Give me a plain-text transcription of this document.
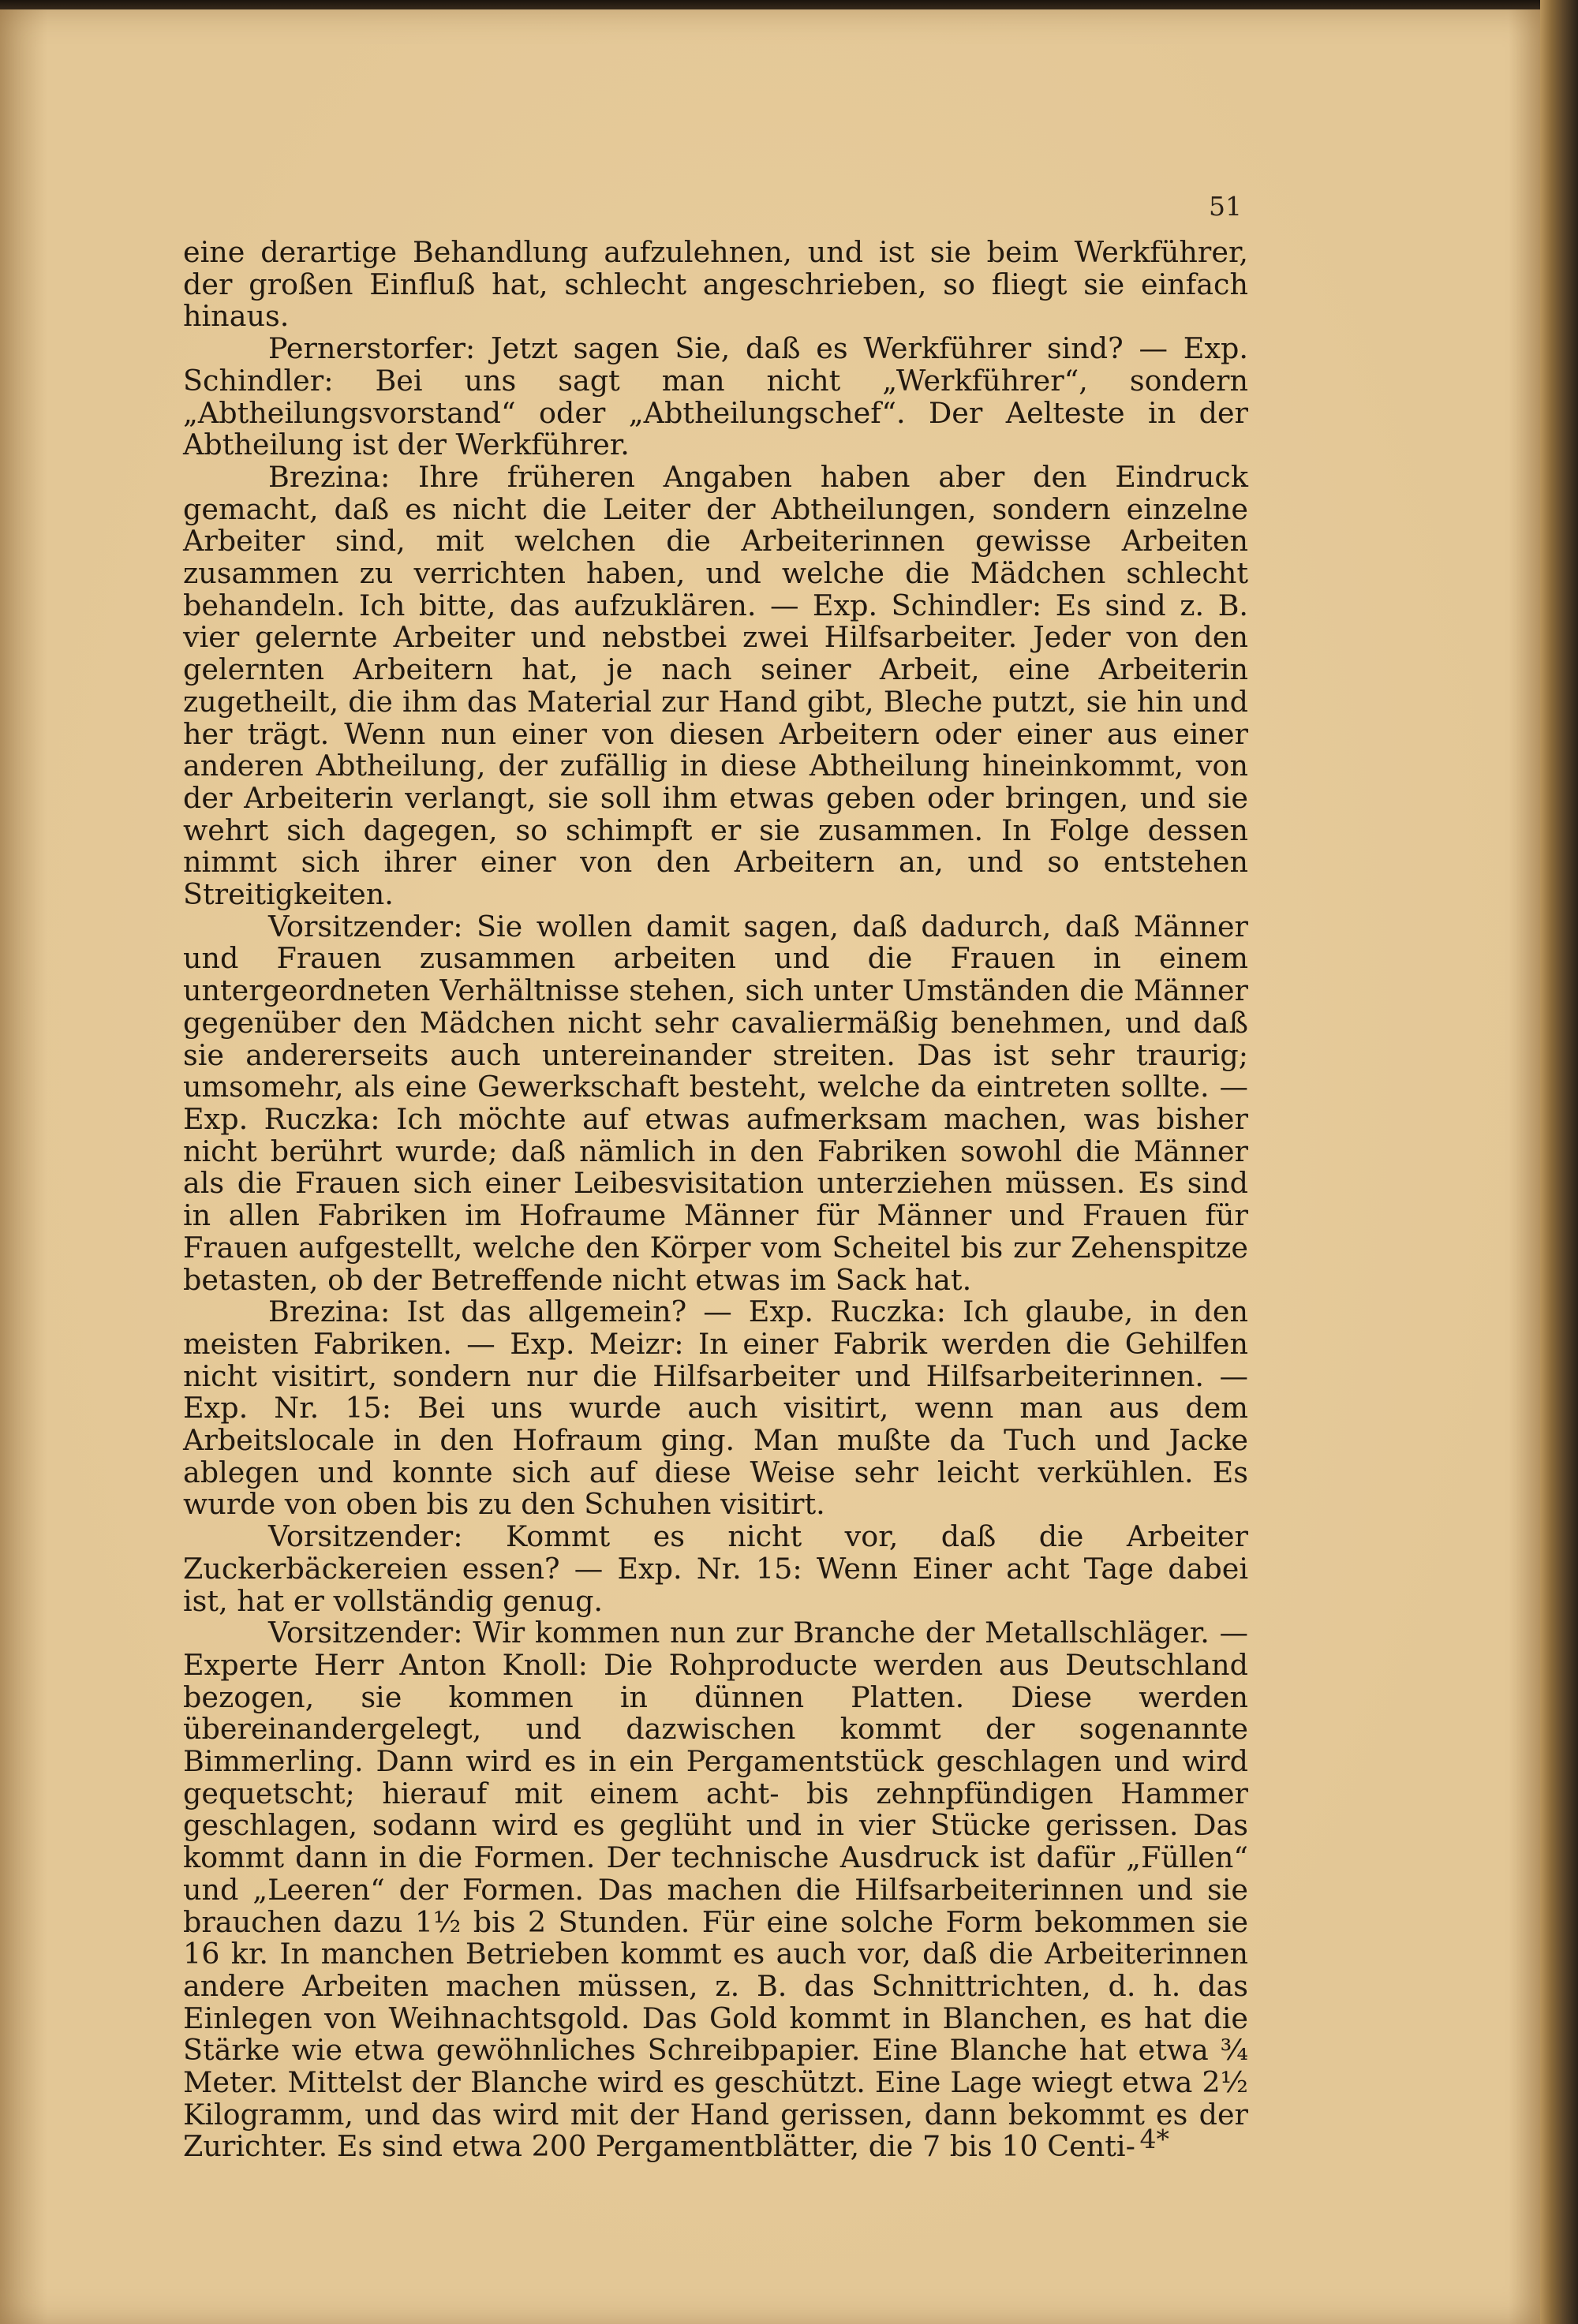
51

eine derartige Behandlung aufzulehnen, und ist sie beim Werkführer, der großen Einfluß hat, schlecht angeschrieben, so fliegt sie einfach hinaus.

Pernerstorfer: Jetzt sagen Sie, daß es Werkführer sind? — Exp. Schindler: Bei uns sagt man nicht „Werkführer“, sondern „Abtheilungsvorstand“ oder „Abtheilungschef“. Der Aelteste in der Abtheilung ist der Werkführer.

Brezina: Ihre früheren Angaben haben aber den Eindruck gemacht, daß es nicht die Leiter der Abtheilungen, sondern einzelne Arbeiter sind, mit welchen die Arbeiterinnen gewisse Arbeiten zusammen zu verrichten haben, und welche die Mädchen schlecht behandeln. Ich bitte, das aufzuklären. — Exp. Schindler: Es sind z. B. vier gelernte Arbeiter und nebstbei zwei Hilfsarbeiter. Jeder von den gelernten Arbeitern hat, je nach seiner Arbeit, eine Arbeiterin zugetheilt, die ihm das Material zur Hand gibt, Bleche putzt, sie hin und her trägt. Wenn nun einer von diesen Arbeitern oder einer aus einer anderen Abtheilung, der zufällig in diese Abtheilung hineinkommt, von der Arbeiterin verlangt, sie soll ihm etwas geben oder bringen, und sie wehrt sich dagegen, so schimpft er sie zusammen. In Folge dessen nimmt sich ihrer einer von den Arbeitern an, und so entstehen Streitigkeiten.

Vorsitzender: Sie wollen damit sagen, daß dadurch, daß Männer und Frauen zusammen arbeiten und die Frauen in einem untergeordneten Verhältnisse stehen, sich unter Umständen die Männer gegenüber den Mädchen nicht sehr cavaliermäßig benehmen, und daß sie andererseits auch untereinander streiten. Das ist sehr traurig; umsomehr, als eine Gewerkschaft besteht, welche da eintreten sollte. — Exp. Ruczka: Ich möchte auf etwas aufmerksam machen, was bisher nicht berührt wurde; daß nämlich in den Fabriken sowohl die Männer als die Frauen sich einer Leibesvisitation unterziehen müssen. Es sind in allen Fabriken im Hofraume Männer für Männer und Frauen für Frauen aufgestellt, welche den Körper vom Scheitel bis zur Zehenspitze betasten, ob der Betreffende nicht etwas im Sack hat.

Brezina: Ist das allgemein? — Exp. Ruczka: Ich glaube, in den meisten Fabriken. — Exp. Meizr: In einer Fabrik werden die Gehilfen nicht visitirt, sondern nur die Hilfsarbeiter und Hilfsarbeiterinnen. — Exp. Nr. 15: Bei uns wurde auch visitirt, wenn man aus dem Arbeitslocale in den Hofraum ging. Man mußte da Tuch und Jacke ablegen und konnte sich auf diese Weise sehr leicht verkühlen. Es wurde von oben bis zu den Schuhen visitirt.

Vorsitzender: Kommt es nicht vor, daß die Arbeiter Zuckerbäckereien essen? — Exp. Nr. 15: Wenn Einer acht Tage dabei ist, hat er vollständig genug.

Vorsitzender: Wir kommen nun zur Branche der Metallschläger. — Experte Herr Anton Knoll: Die Rohproducte werden aus Deutschland bezogen, sie kommen in dünnen Platten. Diese werden übereinandergelegt, und dazwischen kommt der sogenannte Bimmerling. Dann wird es in ein Pergamentstück geschlagen und wird gequetscht; hierauf mit einem acht- bis zehnpfündigen Hammer geschlagen, sodann wird es geglüht und in vier Stücke gerissen. Das kommt dann in die Formen. Der technische Ausdruck ist dafür „Füllen“ und „Leeren“ der Formen. Das machen die Hilfsarbeiterinnen und sie brauchen dazu 1½ bis 2 Stunden. Für eine solche Form bekommen sie 16 kr. In manchen Betrieben kommt es auch vor, daß die Arbeiterinnen andere Arbeiten machen müssen, z. B. das Schnittrichten, d. h. das Einlegen von Weihnachtsgold. Das Gold kommt in Blanchen, es hat die Stärke wie etwa gewöhnliches Schreibpapier. Eine Blanche hat etwa ¾ Meter. Mittelst der Blanche wird es geschützt. Eine Lage wiegt etwa 2½ Kilogramm, und das wird mit der Hand gerissen, dann bekommt es der Zurichter. Es sind etwa 200 Pergamentblätter, die 7 bis 10 Centi- 4*
